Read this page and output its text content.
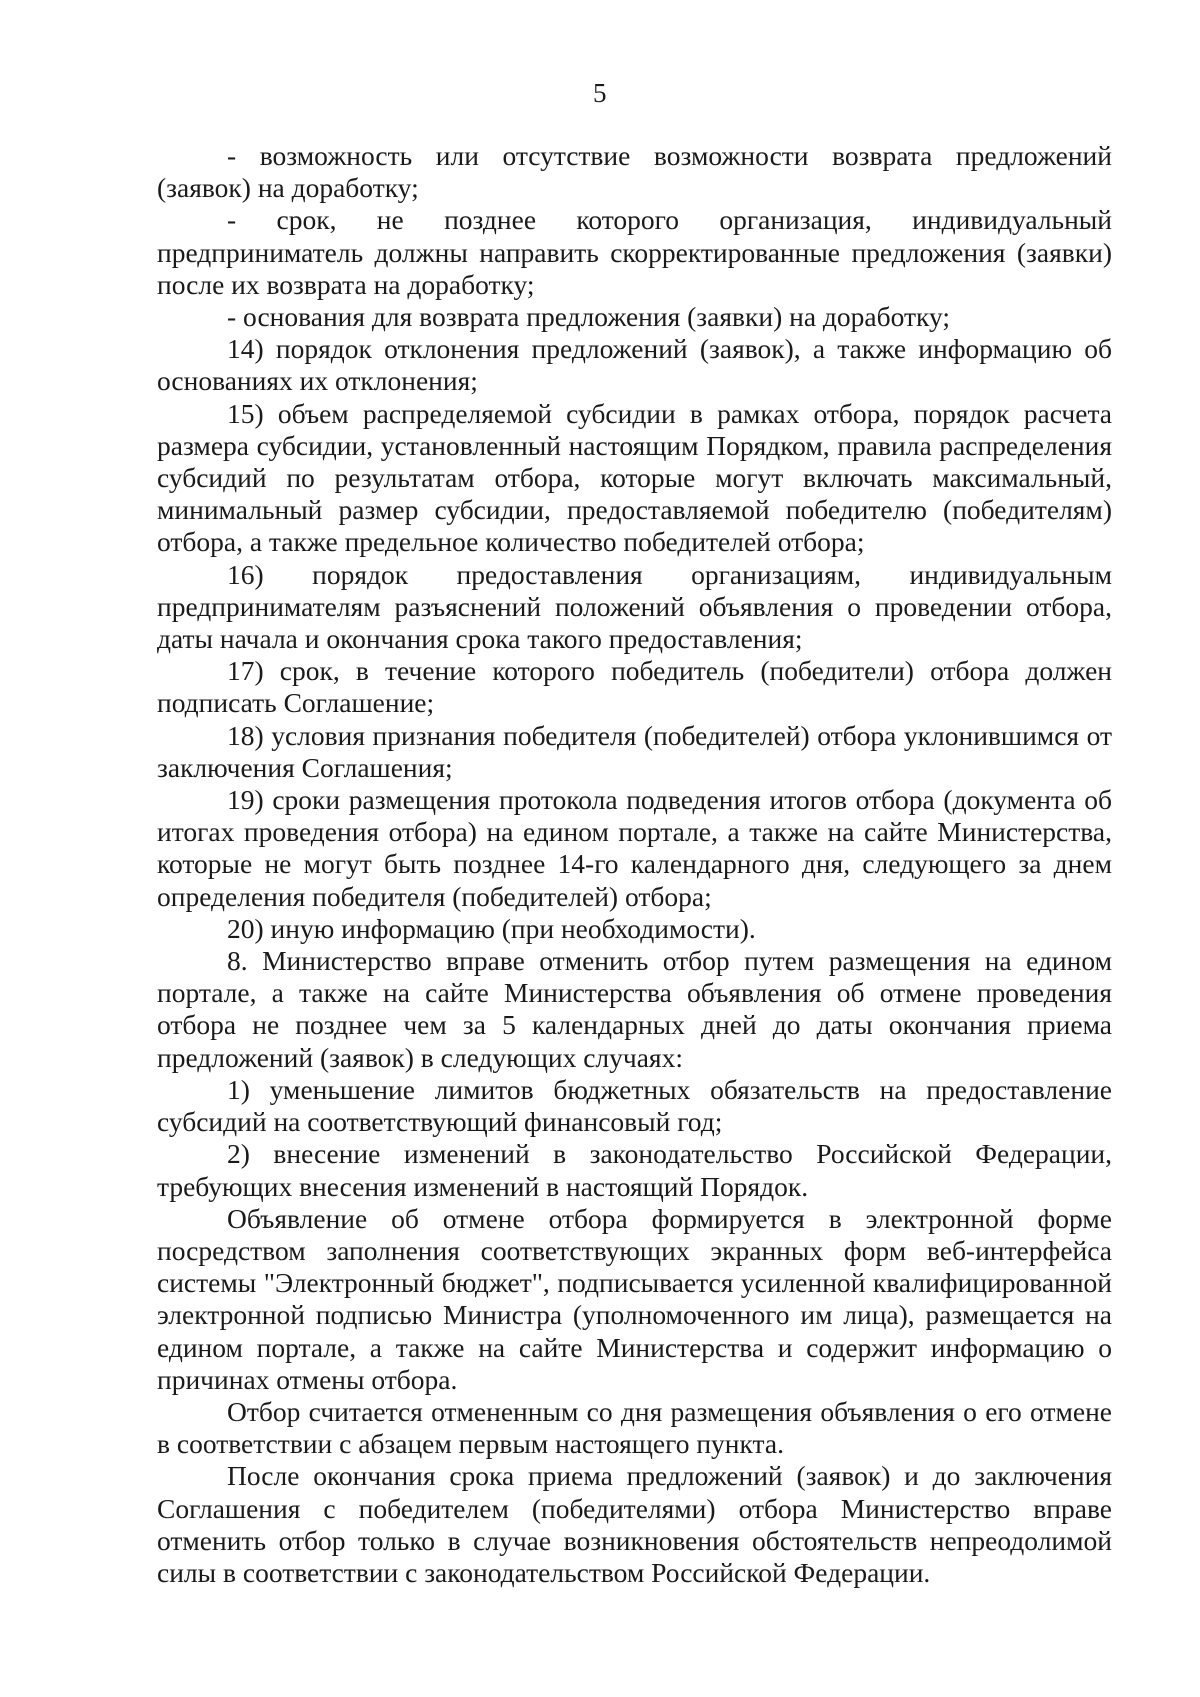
5

- возможность или отсутствие возможности возврата предложений (заявок) на доработку;

- срок, не позднее которого организация, индивидуальный предприниматель должны направить скорректированные предложения (заявки) после их возврата на доработку;

- основания для возврата предложения (заявки) на доработку;

14) порядок отклонения предложений (заявок), а также информацию об основаниях их отклонения;

15) объем распределяемой субсидии в рамках отбора, порядок расчета размера субсидии, установленный настоящим Порядком, правила распределения субсидий по результатам отбора, которые могут включать максимальный, минимальный размер субсидии, предоставляемой победителю (победителям) отбора, а также предельное количество победителей отбора;

16) порядок предоставления организациям, индивидуальным предпринимателям разъяснений положений объявления о проведении отбора, даты начала и окончания срока такого предоставления;

17) срок, в течение которого победитель (победители) отбора должен подписать Соглашение;

18) условия признания победителя (победителей) отбора уклонившимся от заключения Соглашения;

19) сроки размещения протокола подведения итогов отбора (документа об итогах проведения отбора) на едином портале, а также на сайте Министерства, которые не могут быть позднее 14-го календарного дня, следующего за днем определения победителя (победителей) отбора;

20) иную информацию (при необходимости).

8. Министерство вправе отменить отбор путем размещения на едином портале, а также на сайте Министерства объявления об отмене проведения отбора не позднее чем за 5 календарных дней до даты окончания приема предложений (заявок) в следующих случаях:

1) уменьшение лимитов бюджетных обязательств на предоставление субсидий на соответствующий финансовый год;

2) внесение изменений в законодательство Российской Федерации, требующих внесения изменений в настоящий Порядок.

Объявление об отмене отбора формируется в электронной форме посредством заполнения соответствующих экранных форм веб-интерфейса системы "Электронный бюджет", подписывается усиленной квалифицированной электронной подписью Министра (уполномоченного им лица), размещается на едином портале, а также на сайте Министерства и содержит информацию о причинах отмены отбора.

Отбор считается отмененным со дня размещения объявления о его отмене в соответствии с абзацем первым настоящего пункта.

После окончания срока приема предложений (заявок) и до заключения Соглашения с победителем (победителями) отбора Министерство вправе отменить отбор только в случае возникновения обстоятельств непреодолимой силы в соответствии с законодательством Российской Федерации.
